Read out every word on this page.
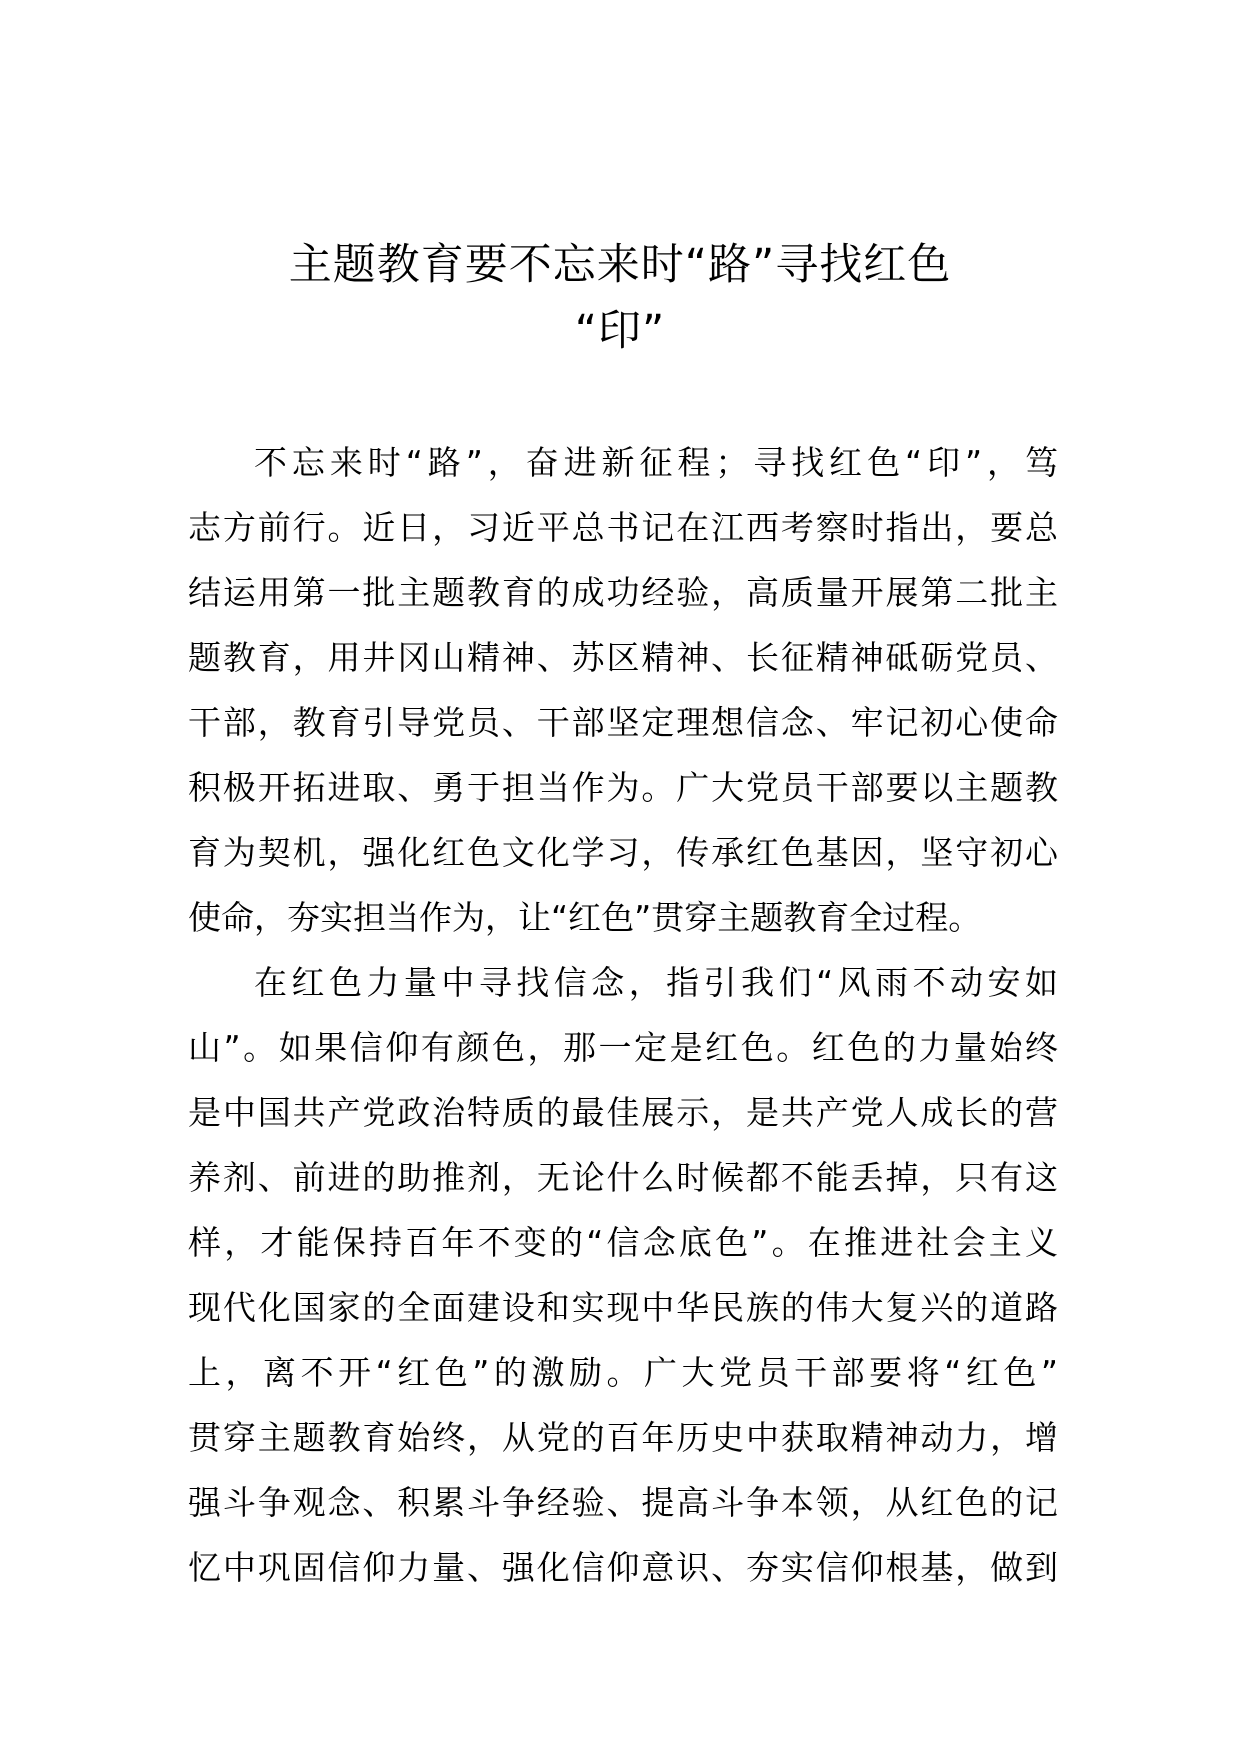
主题教育要不忘来时“路”寻找红色
“印”
不忘来时“路”，奋进新征程；寻找红色“印”，笃
志方前行。近日，习近平总书记在江西考察时指出，要总
结运用第一批主题教育的成功经验，高质量开展第二批主
题教育，用井冈山精神、苏区精神、长征精神砥砺党员、
干部，教育引导党员、干部坚定理想信念、牢记初心使命
积极开拓进取、勇于担当作为。广大党员干部要以主题教
育为契机，强化红色文化学习，传承红色基因，坚守初心
使命，夯实担当作为，让“红色”贯穿主题教育全过程。
在红色力量中寻找信念，指引我们“风雨不动安如
山”。如果信仰有颜色，那一定是红色。红色的力量始终
是中国共产党政治特质的最佳展示，是共产党人成长的营
养剂、前进的助推剂，无论什么时候都不能丢掉，只有这
样，才能保持百年不变的“信念底色”。在推进社会主义
现代化国家的全面建设和实现中华民族的伟大复兴的道路
上，离不开“红色”的激励。广大党员干部要将“红色”
贯穿主题教育始终，从党的百年历史中获取精神动力，增
强斗争观念、积累斗争经验、提高斗争本领，从红色的记
忆中巩固信仰力量、强化信仰意识、夯实信仰根基，做到
